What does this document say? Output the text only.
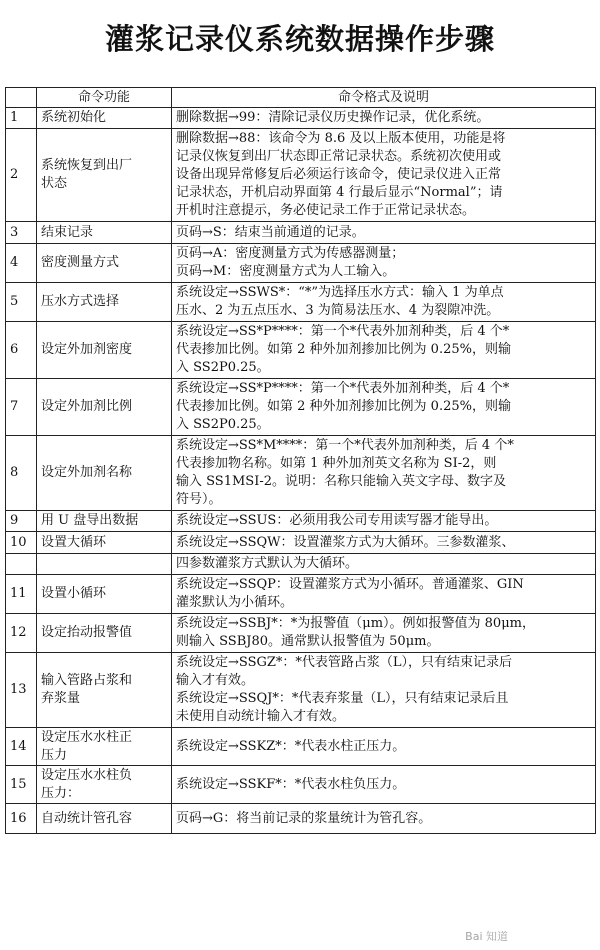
灌浆记录仪系统数据操作步骤
	命令功能	命令格式及说明
1	系统初始化	删除数据→99：清除记录仪历史操作记录，优化系统。

2	系统恢复到出厂
状态	删除数据→88：该命令为 8.6 及以上版本使用，功能是将
记录仪恢复到出厂状态即正常记录状态。系统初次使用或
设备出现异常修复后必须运行该命令，使记录仪进入正常
记录状态，开机启动界面第 4 行最后显示“Normal”；请
开机时注意提示，务必使记录工作于正常记录状态。

3	结束记录	页码→S：结束当前通道的记录。

4	密度测量方式	页码→A：密度测量方式为传感器测量；
页码→M：密度测量方式为人工输入。

5	压水方式选择	系统设定→SSWS*：“*”为选择压水方式：输入 1 为单点
压水、2 为五点压水、3 为简易法压水、4 为裂隙冲洗。

6	设定外加剂密度	系统设定→SS*P****：第一个*代表外加剂种类，后 4 个*
代表掺加比例。如第 2 种外加剂掺加比例为 0.25%，则输
入 SS2P0.25。

7	设定外加剂比例	系统设定→SS*P****：第一个*代表外加剂种类，后 4 个*
代表掺加比例。如第 2 种外加剂掺加比例为 0.25%，则输
入 SS2P0.25。

8	设定外加剂名称	系统设定→SS*M****：第一个*代表外加剂种类，后 4 个*
代表掺加物名称。如第 1 种外加剂英文名称为 SI-2，则
输入 SS1MSI-2。说明：名称只能输入英文字母、数字及
符号）。

9	用 U 盘导出数据	系统设定→SSUS：必须用我公司专用读写器才能导出。

10	设置大循环	系统设定→SSQW：设置灌浆方式为大循环。三参数灌浆、

		四参数灌浆方式默认为大循环。

11	设置小循环	系统设定→SSQP：设置灌浆方式为小循环。普通灌浆、GIN
灌浆默认为小循环。

12	设定抬动报警值	系统设定→SSBJ*：*为报警值（μm）。例如报警值为 80μm，
则输入 SSBJ80。通常默认报警值为 50μm。

13	输入管路占浆和
弃浆量	系统设定→SSGZ*：*代表管路占浆（L），只有结束记录后
输入才有效。
系统设定→SSQJ*：*代表弃浆量（L），只有结束记录后且
未使用自动统计输入才有效。

14	设定压水水柱正
压力	系统设定→SSKZ*：*代表水柱正压力。

15	设定压水水柱负
压力：	系统设定→SSKF*：*代表水柱负压力。

16	自动统计管孔容	页码→G：将当前记录的浆量统计为管孔容。
Bai 知道
